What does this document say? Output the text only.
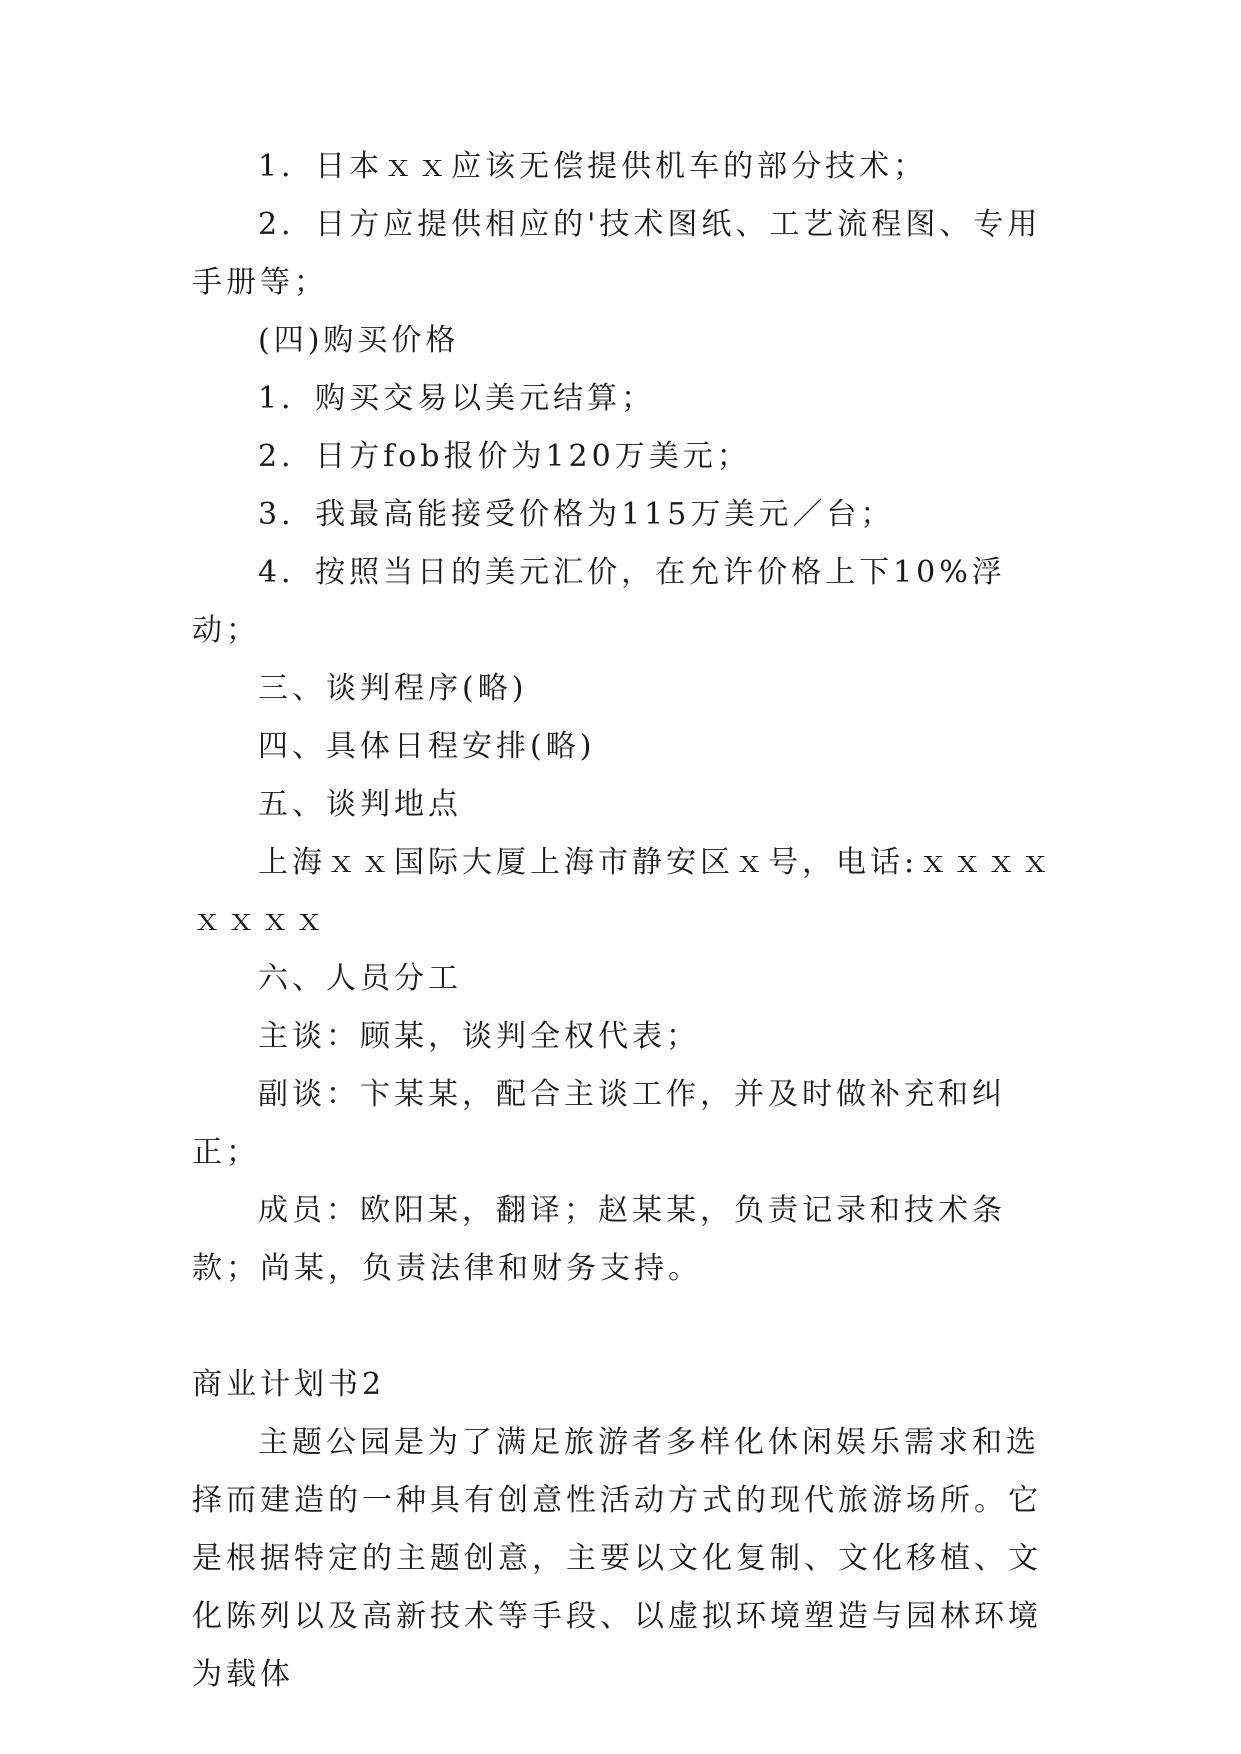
1．日本ｘｘ应该无偿提供机车的部分技术；

2．日方应提供相应的'技术图纸、工艺流程图、专用手册等；

(四)购买价格

1．购买交易以美元结算；

2．日方fob报价为120万美元；

3．我最高能接受价格为115万美元／台；

4．按照当日的美元汇价，在允许价格上下10%浮动；

三、谈判程序(略)

四、具体日程安排(略)

五、谈判地点

上海ｘｘ国际大厦上海市静安区ｘ号，电话:ｘｘｘｘｘｘｘｘ

六、人员分工

主谈：顾某，谈判全权代表；

副谈：卞某某，配合主谈工作，并及时做补充和纠正；

成员：欧阳某，翻译；赵某某，负责记录和技术条款；尚某，负责法律和财务支持。

商业计划书2

主题公园是为了满足旅游者多样化休闲娱乐需求和选择而建造的一种具有创意性活动方式的现代旅游场所。它是根据特定的主题创意，主要以文化复制、文化移植、文化陈列以及高新技术等手段、以虚拟环境塑造与园林环境为载体
